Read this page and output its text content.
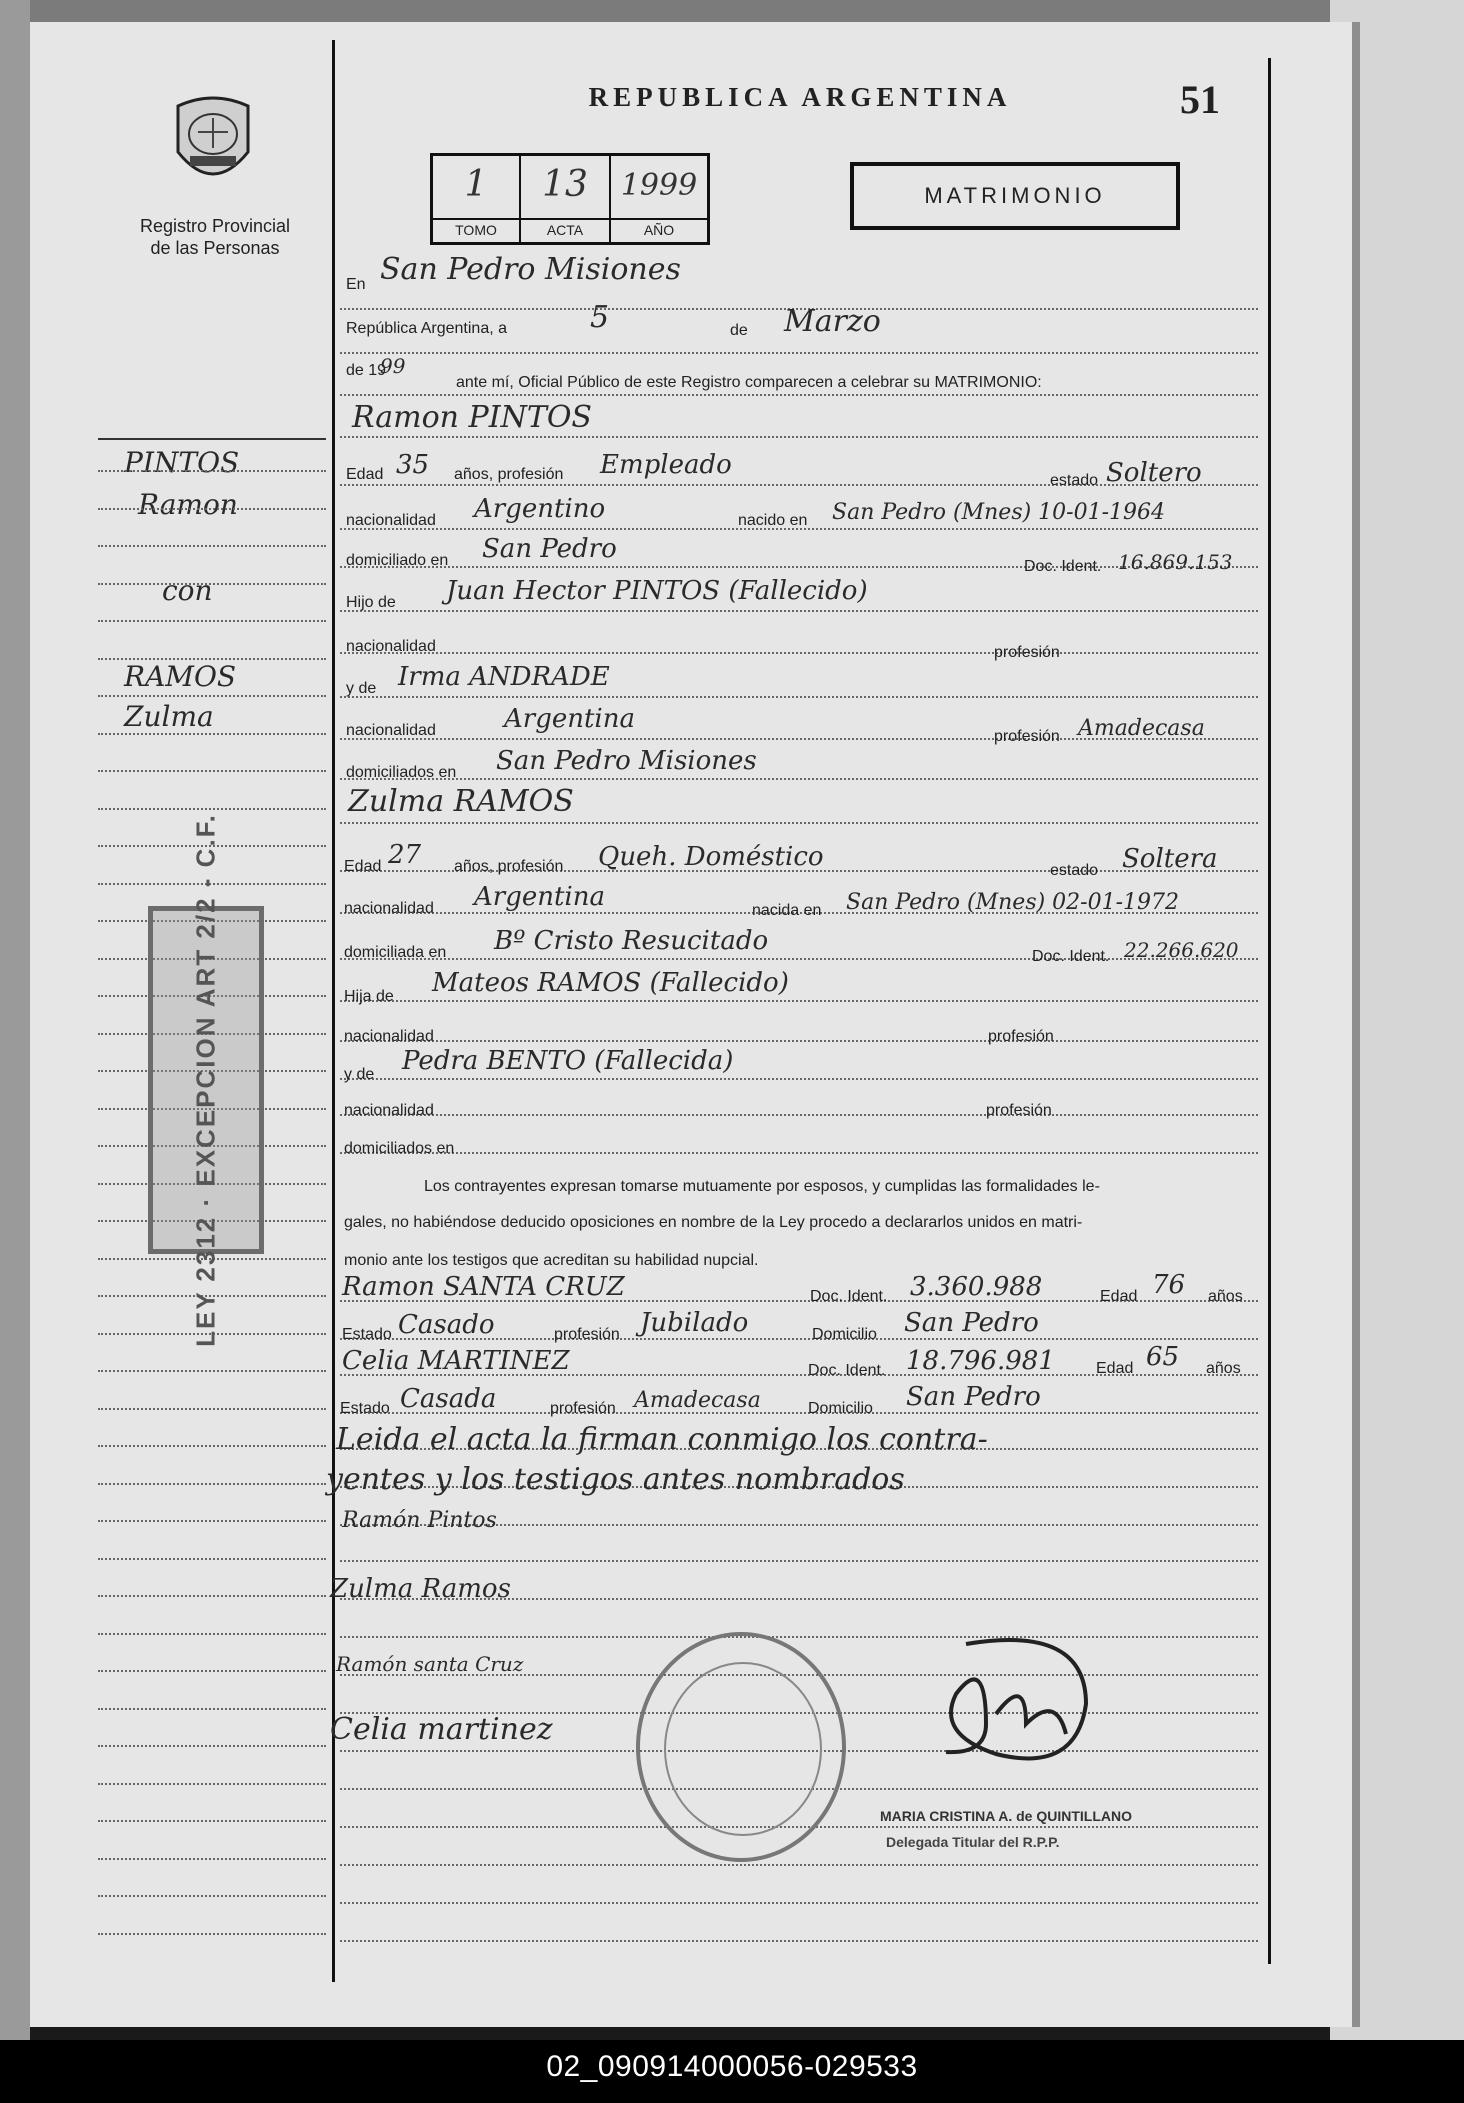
Registro Provincial
de las Personas
REPUBLICA ARGENTINA	51
1
TOMO
13
ACTA
1999
AÑO
MATRIMONIO
PINTOS
Ramon
con
RAMOS
Zulma
LEY 2312 · EXCEPCION ART 2/2 - C.F.
En San Pedro Misiones
República Argentina, a	5	de Marzo
de 19
99
ante mí, Oficial Público de este Registro comparecen a celebrar su MATRIMONIO:
Ramon PINTOS
Edad 35 años, profesión Empleado
estado Soltero
nacionalidad Argentino	nacido en San Pedro (Mnes) 10-01-1964
domiciliado en San Pedro
Doc. Ident. 16.869.153
Hijo de Juan Hector PINTOS (Fallecido)
nacionalidad	profesión
y de Irma ANDRADE
nacionalidad	Argentina
profesión Amadecasa
domiciliados en San Pedro Misiones
Zulma RAMOS
Edad 27 años, profesión Queh. Doméstico	estado Soltera
nacionalidad Argentina	nacida en San Pedro (Mnes) 02-01-1972
domiciliada en Bº Cristo Resucitado
Doc. Ident. 22.266.620
Hija de Mateos RAMOS (Fallecido)
nacionalidad	profesión
y de Pedra BENTO (Fallecida)
nacionalidad	profesión
domiciliados en
Los contrayentes expresan tomarse mutuamente por esposos, y cumplidas las formalidades le-
gales, no habiéndose deducido oposiciones en nombre de la Ley procedo a declararlos unidos en matri-
monio ante los testigos que acreditan su habilidad nupcial.
Ramon SANTA CRUZ	Doc. Ident. 3.360.988	Edad 76 años
Estado Casado	profesión Jubilado	Domicilio San Pedro
Celia MARTINEZ	Doc. Ident. 18.796.981	Edad 65 años
Estado Casada	profesión Amadecasa	Domicilio San Pedro
Leida el acta la firman conmigo los contra-
yentes y los testigos antes nombrados
Ramón Pintos
Zulma Ramos
Ramón santa Cruz
Celia martinez
MARIA CRISTINA A. de QUINTILLANO
Delegada Titular del R.P.P.
02_090914000056-029533
